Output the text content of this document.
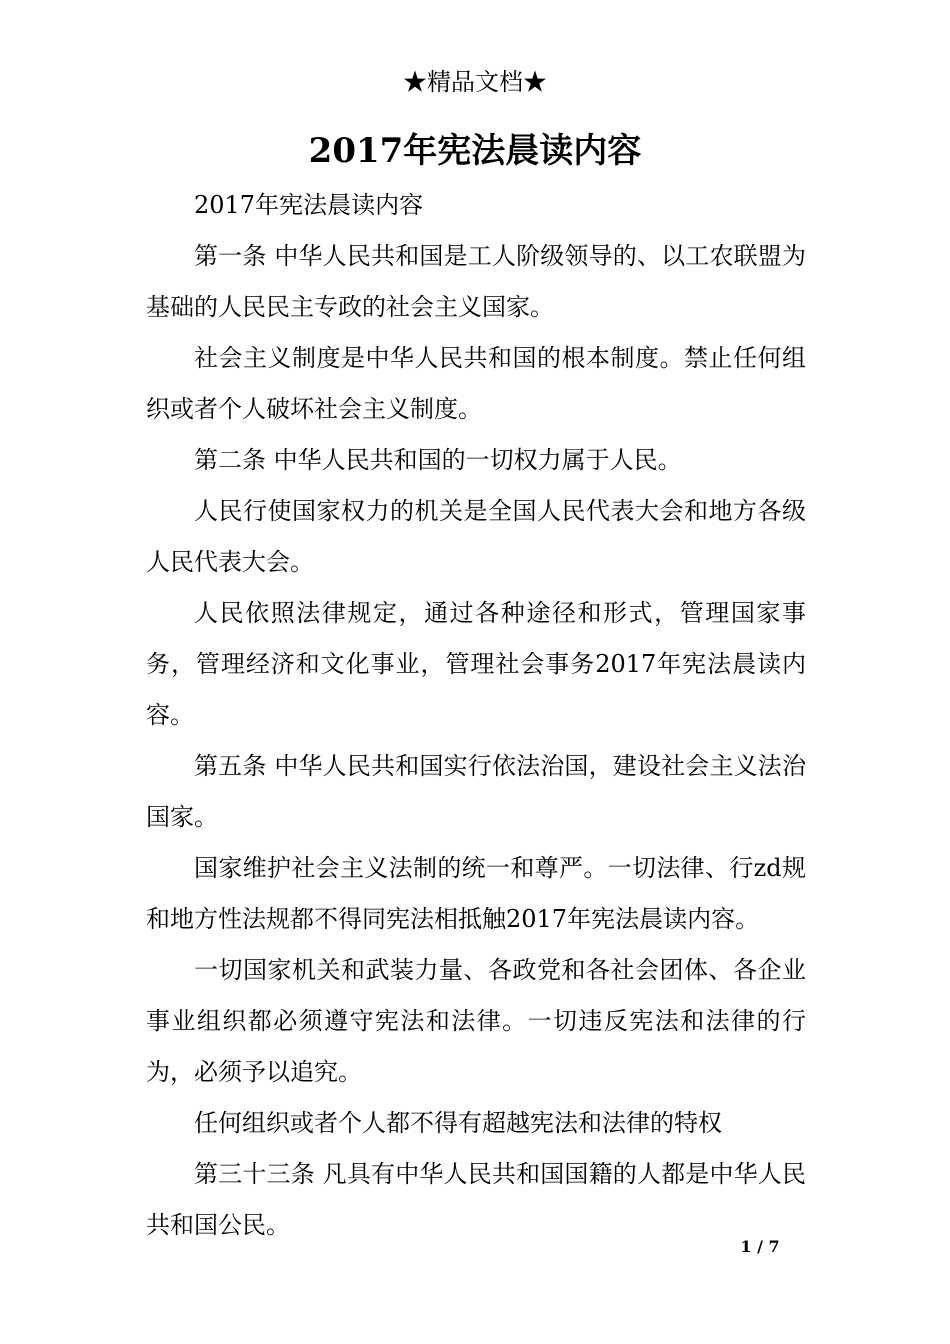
★精品文档★
2017年宪法晨读内容

2017年宪法晨读内容

第一条 中华人民共和国是工人阶级领导的、以工农联盟为基础的人民民主专政的社会主义国家。

社会主义制度是中华人民共和国的根本制度。禁止任何组织或者个人破坏社会主义制度。

第二条 中华人民共和国的一切权力属于人民。

人民行使国家权力的机关是全国人民代表大会和地方各级人民代表大会。

人民依照法律规定，通过各种途径和形式，管理国家事务，管理经济和文化事业，管理社会事务2017年宪法晨读内容。

第五条 中华人民共和国实行依法治国，建设社会主义法治国家。

国家维护社会主义法制的统一和尊严。一切法律、行zd规和地方性法规都不得同宪法相抵触2017年宪法晨读内容。

一切国家机关和武装力量、各政党和各社会团体、各企业事业组织都必须遵守宪法和法律。一切违反宪法和法律的行为，必须予以追究。

任何组织或者个人都不得有超越宪法和法律的特权

第三十三条 凡具有中华人民共和国国籍的人都是中华人民共和国公民。

1 / 7
